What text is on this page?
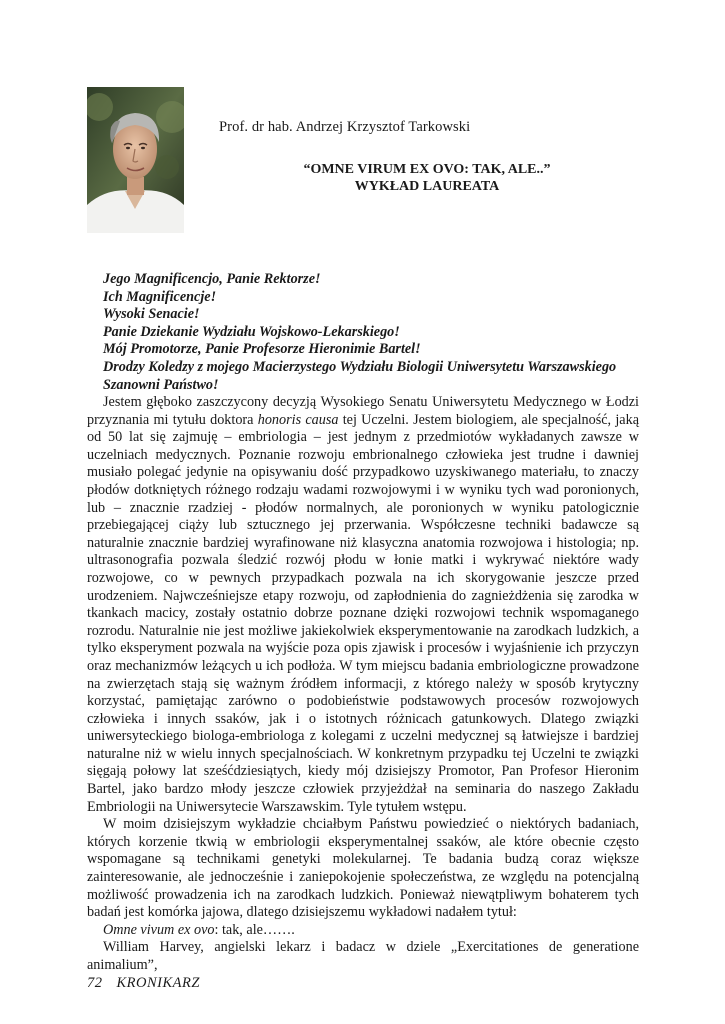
Prof. dr hab. Andrzej Krzysztof Tarkowski
“OMNE VIRUM EX OVO: TAK, ALE..”
WYKŁAD LAUREATA
Jego Magnificencjo, Panie Rektorze!
Ich Magnificencje!
Wysoki Senacie!
Panie Dziekanie Wydziału Wojskowo-Lekarskiego!
Mój Promotorze, Panie Profesorze Hieronimie Bartel!
Drodzy Koledzy z mojego Macierzystego Wydziału Biologii Uniwersytetu Warszawskiego
Szanowni Państwo!

Jestem głęboko zaszczycony decyzją Wysokiego Senatu Uniwersytetu Medycznego w Łodzi przyznania mi tytułu doktora honoris causa tej Uczelni. Jestem biologiem, ale specjalność, jaką od 50 lat się zajmuję – embriologia – jest jednym z przedmiotów wykładanych zawsze w uczelniach medycznych. Poznanie rozwoju embrionalnego człowieka jest trudne i dawniej musiało polegać jedynie na opisywaniu dość przypadkowo uzyskiwanego materiału, to znaczy płodów dotkniętych różnego rodzaju wadami rozwojowymi i w wyniku tych wad poronionych, lub – znacznie rzadziej - płodów normalnych, ale poronionych w wyniku patologicznie przebiegającej ciąży lub sztucznego jej przerwania. Współczesne techniki badawcze są naturalnie znacznie bardziej wyrafinowane niż klasyczna anatomia rozwojowa i histologia; np. ultrasonografia pozwala śledzić rozwój płodu w łonie matki i wykrywać niektóre wady rozwojowe, co w pewnych przypadkach pozwala na ich skorygowanie jeszcze przed urodzeniem. Najwcześniejsze etapy rozwoju, od zapłodnienia do zagnieżdżenia się zarodka w tkankach macicy, zostały ostatnio dobrze poznane dzięki rozwojowi technik wspomaganego rozrodu. Naturalnie nie jest możliwe jakiekolwiek eksperymentowanie na zarodkach ludzkich, a tylko eksperyment pozwala na wyjście poza opis zjawisk i procesów i wyjaśnienie ich przyczyn oraz mechanizmów leżących u ich podłoża. W tym miejscu badania embriologiczne prowadzone na zwierzętach stają się ważnym źródłem informacji, z którego należy w sposób krytyczny korzystać, pamiętając zarówno o podobieństwie podstawowych procesów rozwojowych człowieka i innych ssaków, jak i o istotnych różnicach gatunkowych. Dlatego związki uniwersyteckiego biologa-embriologa z kolegami z uczelni medycznej są łatwiejsze i bardziej naturalne niż w wielu innych specjalnościach. W konkretnym przypadku tej Uczelni te związki sięgają połowy lat sześćdziesiątych, kiedy mój dzisiejszy Promotor, Pan Profesor Hieronim Bartel, jako bardzo młody jeszcze człowiek przyjeżdżał na seminaria do naszego Zakładu Embriologii na Uniwersytecie Warszawskim. Tyle tytułem wstępu.

W moim dzisiejszym wykładzie chciałbym Państwu powiedzieć o niektórych badaniach, których korzenie tkwią w embriologii eksperymentalnej ssaków, ale które obecnie często wspomagane są technikami genetyki molekularnej. Te badania budzą coraz większe zainteresowanie, ale jednocześnie i zaniepokojenie społeczeństwa, ze względu na potencjalną możliwość prowadzenia ich na zarodkach ludzkich. Ponieważ niewątpliwym bohaterem tych badań jest komórka jajowa, dlatego dzisiejszemu wykładowi nadałem tytuł:

Omne vivum ex ovo: tak, ale…….

William Harvey, angielski lekarz i badacz w dziele „Exercitationes de generatione animalium”,

72 KRONIKARZ
